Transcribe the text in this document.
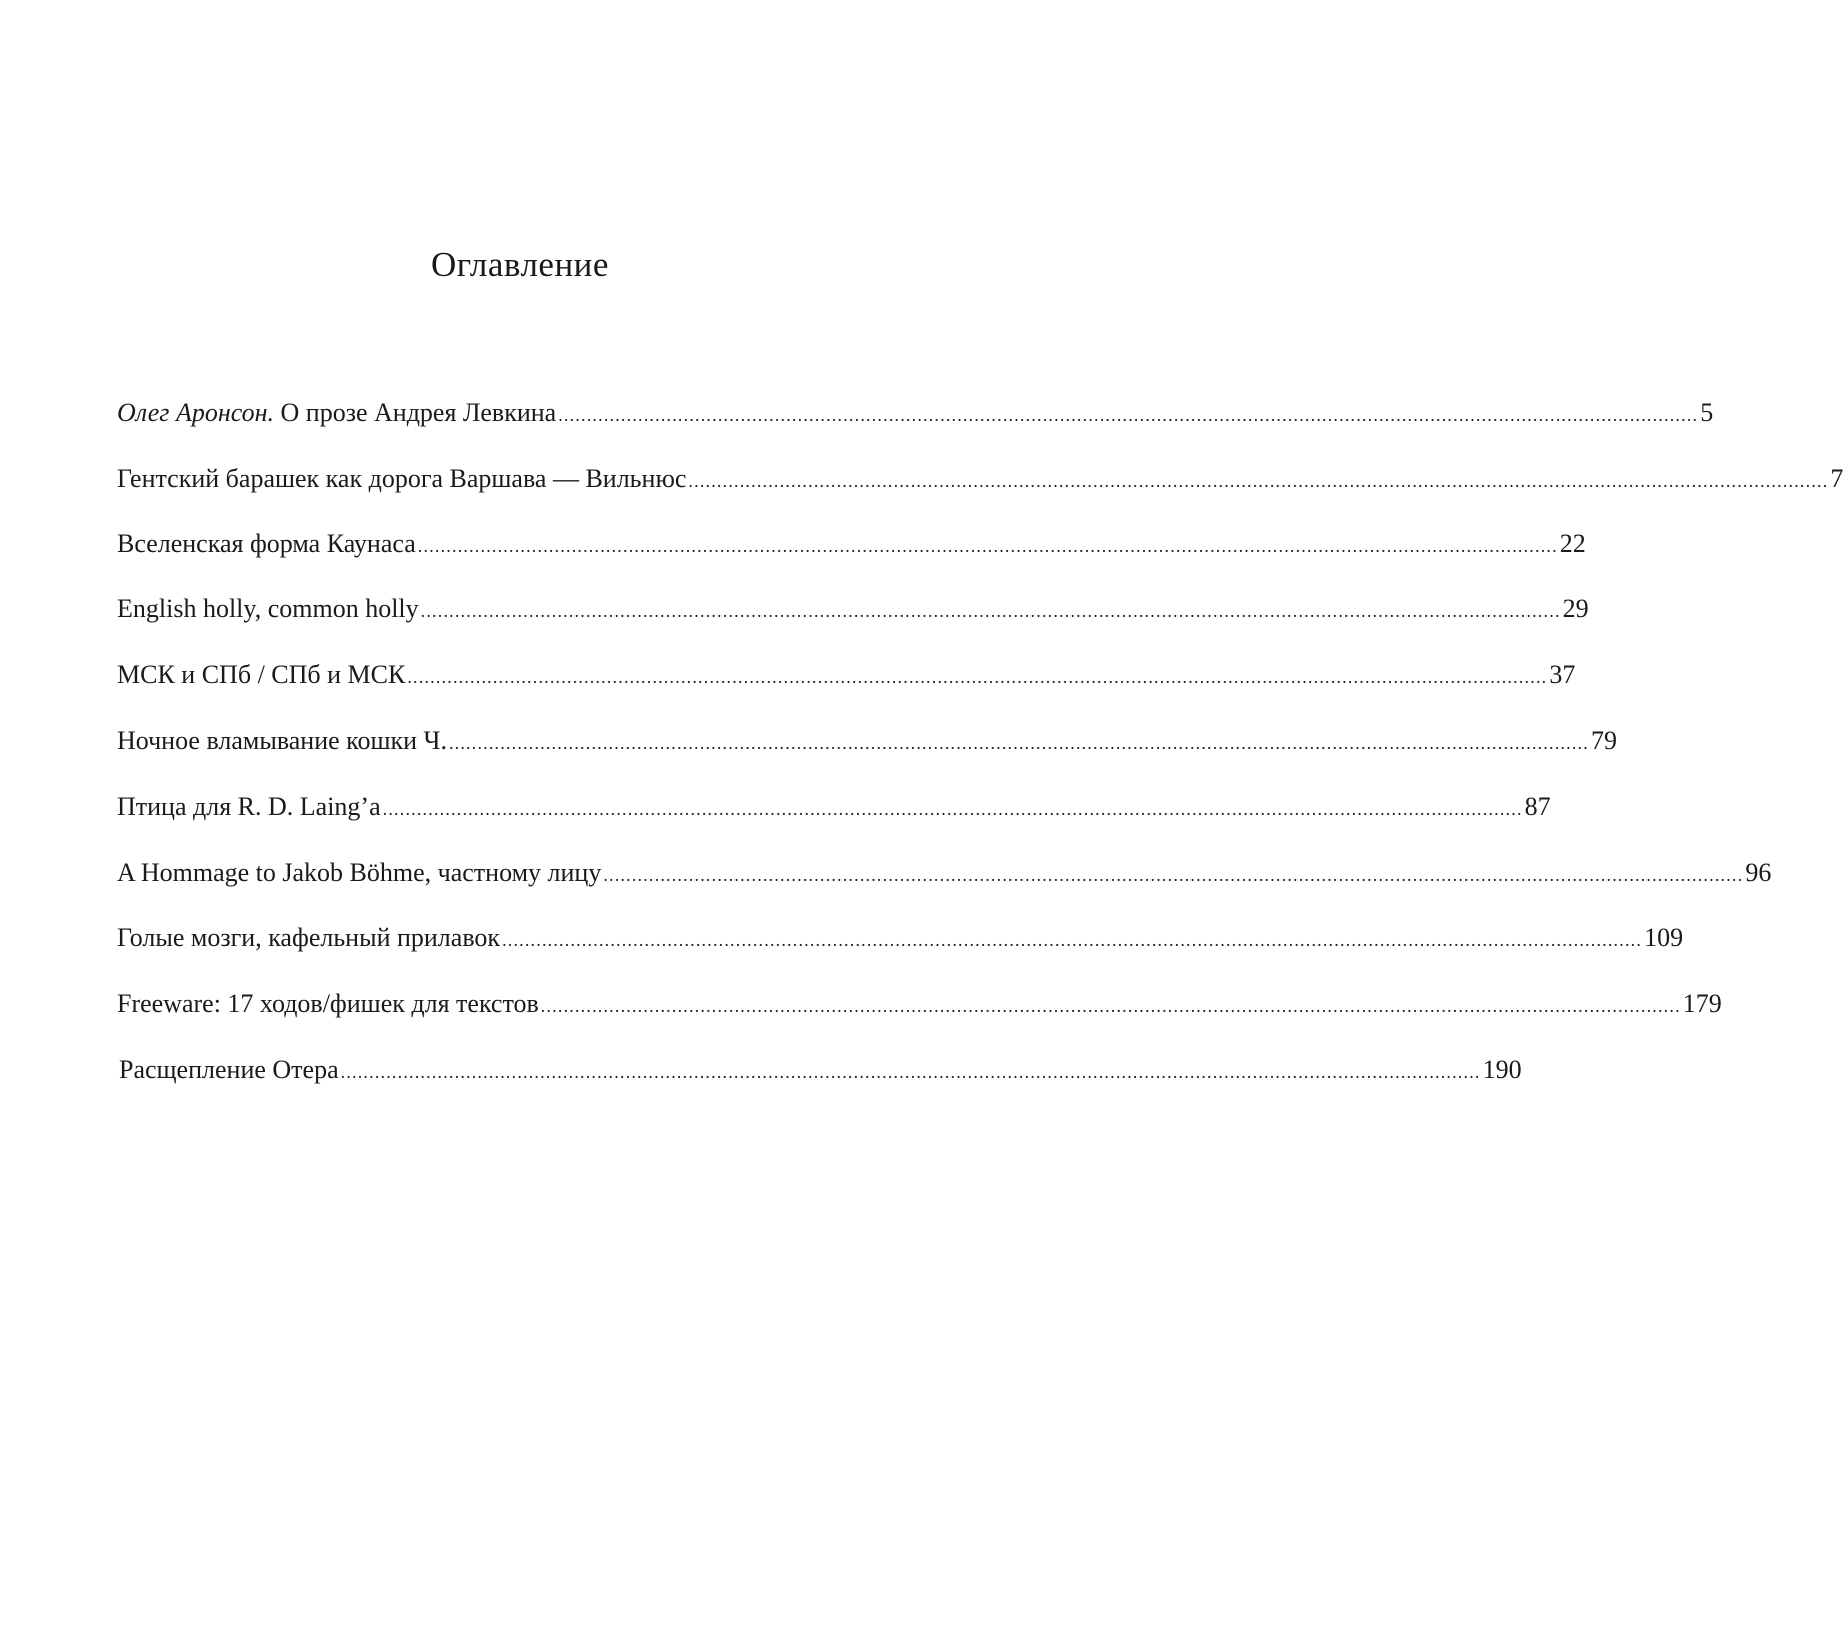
Оглавление
Олег Аронсон. О прозе Андрея Левкина ........................................................................................................................................................................................................ 5
Гентский барашек как дорога Варшава — Вильнюс ........................................................................................................................................................................................................ 7
Вселенская форма Каунаса ........................................................................................................................................................................................................ 22
English holly, common holly ........................................................................................................................................................................................................ 29
МСК и СПб / СПб и МСК ........................................................................................................................................................................................................ 37
Ночное вламывание кошки Ч. ........................................................................................................................................................................................................ 79
Птица для R. D. Laing’a ........................................................................................................................................................................................................ 87
A Hommage to Jakob Böhme, частному лицу ........................................................................................................................................................................................................ 96
Голые мозги, кафельный прилавок ........................................................................................................................................................................................................ 109
Freeware: 17 ходов/фишек для текстов ........................................................................................................................................................................................................ 179
Расщепление Отера ........................................................................................................................................................................................................ 190
